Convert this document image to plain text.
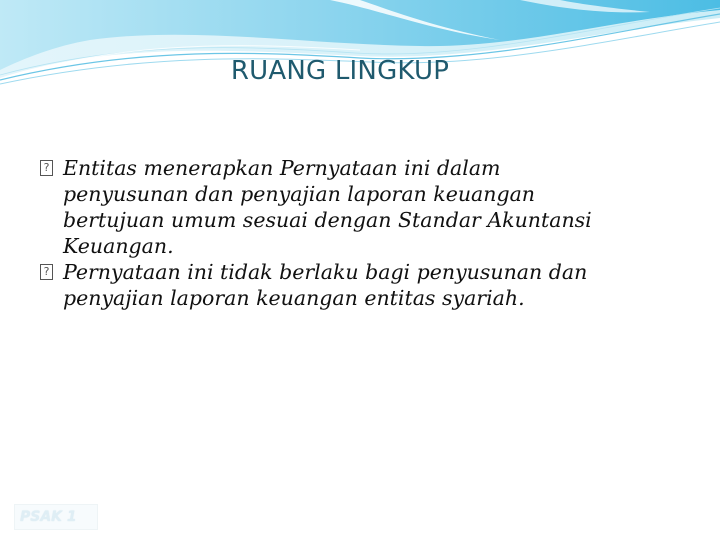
RUANG LINGKUP
? Entitas menerapkan Pernyataan ini dalam
penyusunan dan penyajian laporan keuangan
bertujuan umum sesuai dengan Standar Akuntansi
Keuangan.
? Pernyataan ini tidak berlaku bagi penyusunan dan
penyajian laporan keuangan entitas syariah.
PSAK 1
